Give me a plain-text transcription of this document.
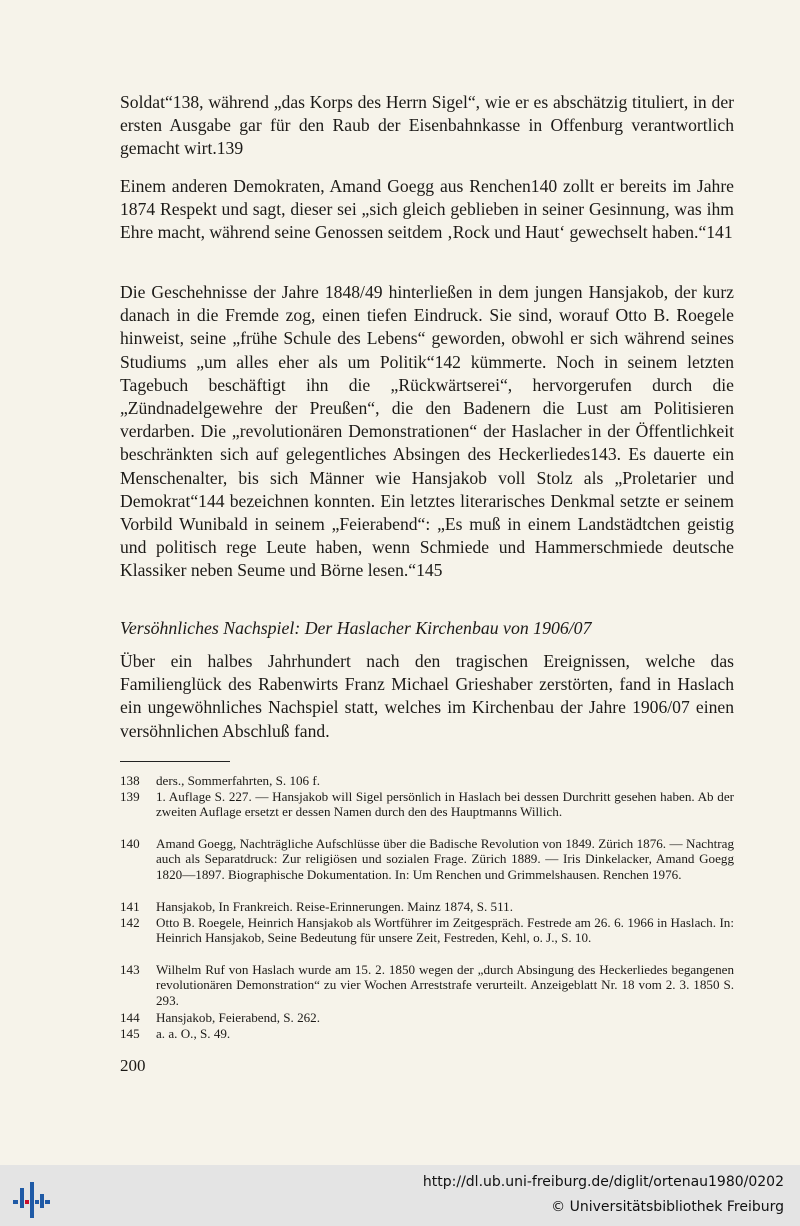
Soldat“138, während „das Korps des Herrn Sigel“, wie er es abschätzig tituliert, in der ersten Ausgabe gar für den Raub der Eisenbahnkasse in Offenburg verantwortlich gemacht wirt.139

Einem anderen Demokraten, Amand Goegg aus Renchen140 zollt er bereits im Jahre 1874 Respekt und sagt, dieser sei „sich gleich geblieben in seiner Gesinnung, was ihm Ehre macht, während seine Genossen seitdem ‚Rock und Haut‘ gewechselt haben.“141

Die Geschehnisse der Jahre 1848/49 hinterließen in dem jungen Hansjakob, der kurz danach in die Fremde zog, einen tiefen Eindruck. Sie sind, worauf Otto B. Roegele hinweist, seine „frühe Schule des Lebens“ geworden, obwohl er sich während seines Studiums „um alles eher als um Politik“142 kümmerte. Noch in seinem letzten Tagebuch beschäftigt ihn die „Rückwärtserei“, hervorgerufen durch die „Zündnadelgewehre der Preußen“, die den Badenern die Lust am Politisieren verdarben. Die „revolutionären Demonstrationen“ der Haslacher in der Öffentlichkeit beschränkten sich auf gelegentliches Absingen des Heckerliedes143. Es dauerte ein Menschenalter, bis sich Männer wie Hansjakob voll Stolz als „Proletarier und Demokrat“144 bezeichnen konnten. Ein letztes literarisches Denkmal setzte er seinem Vorbild Wunibald in seinem „Feierabend“: „Es muß in einem Landstädtchen geistig und politisch rege Leute haben, wenn Schmiede und Hammerschmiede deutsche Klassiker neben Seume und Börne lesen.“145

Versöhnliches Nachspiel: Der Haslacher Kirchenbau von 1906/07

Über ein halbes Jahrhundert nach den tragischen Ereignissen, welche das Familienglück des Rabenwirts Franz Michael Grieshaber zerstörten, fand in Haslach ein ungewöhnliches Nachspiel statt, welches im Kirchenbau der Jahre 1906/07 einen versöhnlichen Abschluß fand.

138	ders., Sommerfahrten, S. 106 f.
139	1. Auflage S. 227. — Hansjakob will Sigel persönlich in Haslach bei dessen Durchritt gesehen haben. Ab der zweiten Auflage ersetzt er dessen Namen durch den des Hauptmanns Willich.
140	Amand Goegg, Nachträgliche Aufschlüsse über die Badische Revolution von 1849. Zürich 1876. — Nachtrag auch als Separatdruck: Zur religiösen und sozialen Frage. Zürich 1889. — Iris Dinkelacker, Amand Goegg 1820—1897. Biographische Dokumentation. In: Um Renchen und Grimmelshausen. Renchen 1976.
141	Hansjakob, In Frankreich. Reise-Erinnerungen. Mainz 1874, S. 511.
142	Otto B. Roegele, Heinrich Hansjakob als Wortführer im Zeitgespräch. Festrede am 26. 6. 1966 in Haslach. In: Heinrich Hansjakob, Seine Bedeutung für unsere Zeit, Festreden, Kehl, o. J., S. 10.
143	Wilhelm Ruf von Haslach wurde am 15. 2. 1850 wegen der „durch Absingung des Heckerliedes begangenen revolutionären Demonstration“ zu vier Wochen Arreststrafe verurteilt. Anzeigeblatt Nr. 18 vom 2. 3. 1850 S. 293.
144	Hansjakob, Feierabend, S. 262.
145	a. a. O., S. 49.
200
http://dl.ub.uni-freiburg.de/diglit/ortenau1980/0202
© Universitätsbibliothek Freiburg
